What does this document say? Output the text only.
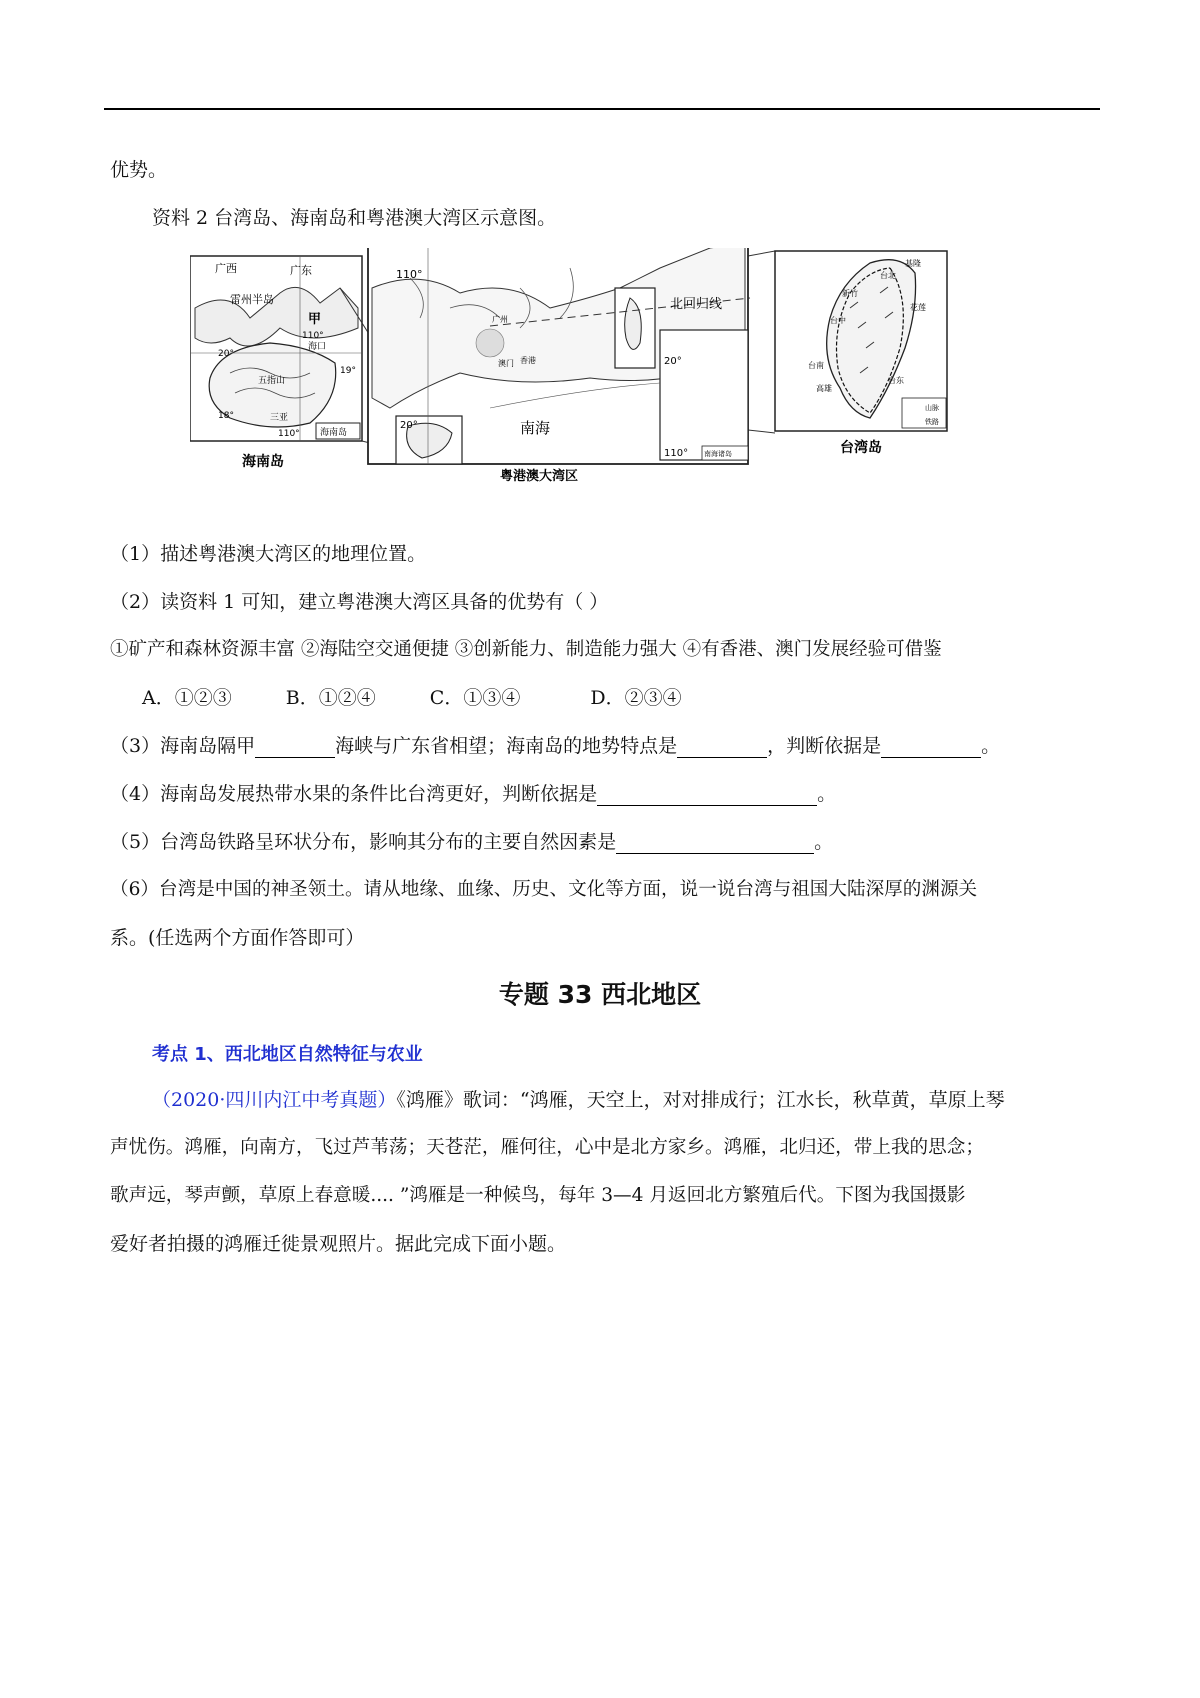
优势。
资料 2 台湾岛、海南岛和粤港澳大湾区示意图。
广西	广东
雷州半岛
甲
110°
20°
19°
18°
五指山
海口
三亚
110° 海南岛
海南岛
110°
广州
香港
澳门
北回归线
南海
20°
20°
110° 南海诸岛
粤港澳大湾区
基隆
台北
新竹
花莲
台中
台南
高雄
台东
山脉
铁路
台湾岛
（1）描述粤港澳大湾区的地理位置。
（2）读资料 1 可知，建立粤港澳大湾区具备的优势有（ ）
①矿产和森林资源丰富 ②海陆空交通便捷 ③创新能力、制造能力强大 ④有香港、澳门发展经验可借鉴
A．①②③	B．①②④	C．①③④	D．②③④
（3）海南岛隔甲	海峡与广东省相望；海南岛的地势特点是	，判断依据是	。
（4）海南岛发展热带水果的条件比台湾更好，判断依据是	。
（5）台湾岛铁路呈环状分布，影响其分布的主要自然因素是	。
（6）台湾是中国的神圣领土。请从地缘、血缘、历史、文化等方面，说一说台湾与祖国大陆深厚的渊源关
系。(任选两个方面作答即可）
专题 33 西北地区
考点 1、西北地区自然特征与农业
（2020·四川内江中考真题）《鸿雁》歌词：“鸿雁，天空上，对对排成行；江水长，秋草黄，草原上琴
声忧伤。鸿雁，向南方，飞过芦苇荡；天苍茫，雁何往，心中是北方家乡。鸿雁，北归还，带上我的思念；
歌声远，琴声颤，草原上春意暖.... ”鸿雁是一种候鸟，每年 3—4 月返回北方繁殖后代。下图为我国摄影
爱好者拍摄的鸿雁迁徙景观照片。据此完成下面小题。
